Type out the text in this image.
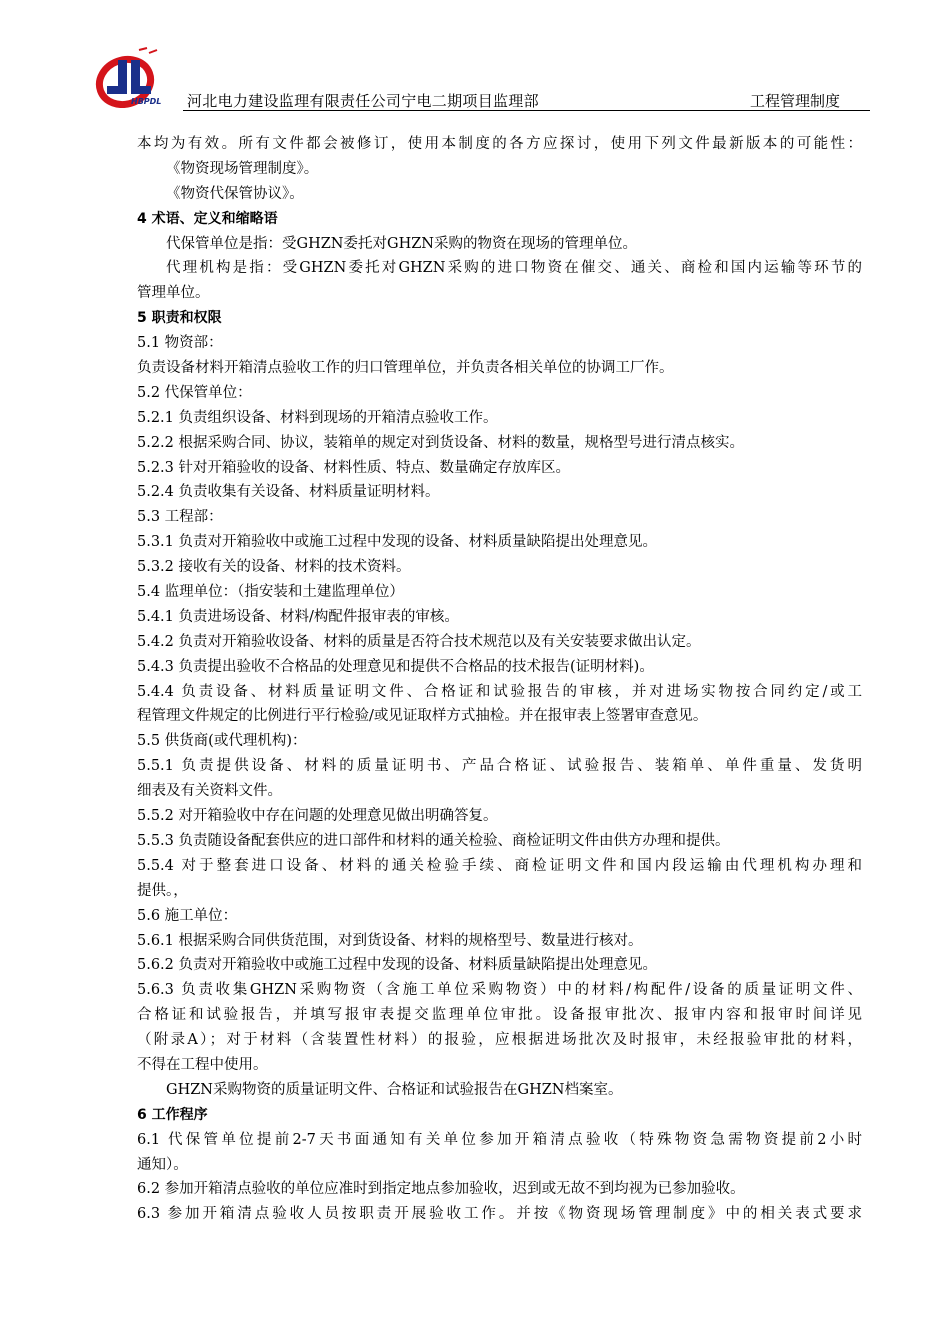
HBPDL 河北电力建设监理有限责任公司宁电二期项目监理部	工程管理制度
本均为有效。所有文件都会被修订，使用本制度的各方应探讨，使用下列文件最新版本的可能性：
《物资现场管理制度》。
《物资代保管协议》。
4 术语、定义和缩略语
代保管单位是指：受GHZN委托对GHZN采购的物资在现场的管理单位。
代理机构是指：受GHZN委托对GHZN采购的进口物资在催交、通关、商检和国内运输等环节的
管理单位。
5 职责和权限
5.1 物资部：
负责设备材料开箱清点验收工作的归口管理单位，并负责各相关单位的协调工厂作。
5.2 代保管单位：
5.2.1 负责组织设备、材料到现场的开箱清点验收工作。
5.2.2 根据采购合同、协议，装箱单的规定对到货设备、材料的数量，规格型号进行清点核实。
5.2.3 针对开箱验收的设备、材料性质、特点、数量确定存放库区。
5.2.4 负责收集有关设备、材料质量证明材料。
5.3 工程部：
5.3.1 负责对开箱验收中或施工过程中发现的设备、材料质量缺陷提出处理意见。
5.3.2 接收有关的设备、材料的技术资料。
5.4 监理单位：（指安装和土建监理单位）
5.4.1 负责进场设备、材料/构配件报审表的审核。
5.4.2 负责对开箱验收设备、材料的质量是否符合技术规范以及有关安装要求做出认定。
5.4.3 负责提出验收不合格品的处理意见和提供不合格品的技术报告(证明材料)。
5.4.4 负责设备、材料质量证明文件、合格证和试验报告的审核，并对进场实物按合同约定/或工
程管理文件规定的比例进行平行检验/或见证取样方式抽检。并在报审表上签署审查意见。
5.5 供货商(或代理机构)：
5.5.1 负责提供设备、材料的质量证明书、产品合格证、试验报告、装箱单、单件重量、发货明
细表及有关资料文件。
5.5.2 对开箱验收中存在问题的处理意见做出明确答复。
5.5.3 负责随设备配套供应的进口部件和材料的通关检验、商检证明文件由供方办理和提供。
5.5.4 对于整套进口设备、材料的通关检验手续、商检证明文件和国内段运输由代理机构办理和
提供。，
5.6 施工单位：
5.6.1 根据采购合同供货范围，对到货设备、材料的规格型号、数量进行核对。
5.6.2 负责对开箱验收中或施工过程中发现的设备、材料质量缺陷提出处理意见。
5.6.3 负责收集GHZN采购物资（含施工单位采购物资）中的材料/构配件/设备的质量证明文件、
合格证和试验报告，并填写报审表提交监理单位审批。设备报审批次、报审内容和报审时间详见
（附录A）；对于材料（含装置性材料）的报验，应根据进场批次及时报审，未经报验审批的材料，
不得在工程中使用。
GHZN采购物资的质量证明文件、合格证和试验报告在GHZN档案室。
6 工作程序
6.1 代保管单位提前2-7天书面通知有关单位参加开箱清点验收（特殊物资急需物资提前2小时
通知）。
6.2 参加开箱清点验收的单位应准时到指定地点参加验收，迟到或无故不到均视为已参加验收。
6.3 参加开箱清点验收人员按职责开展验收工作。并按《物资现场管理制度》中的相关表式要求
